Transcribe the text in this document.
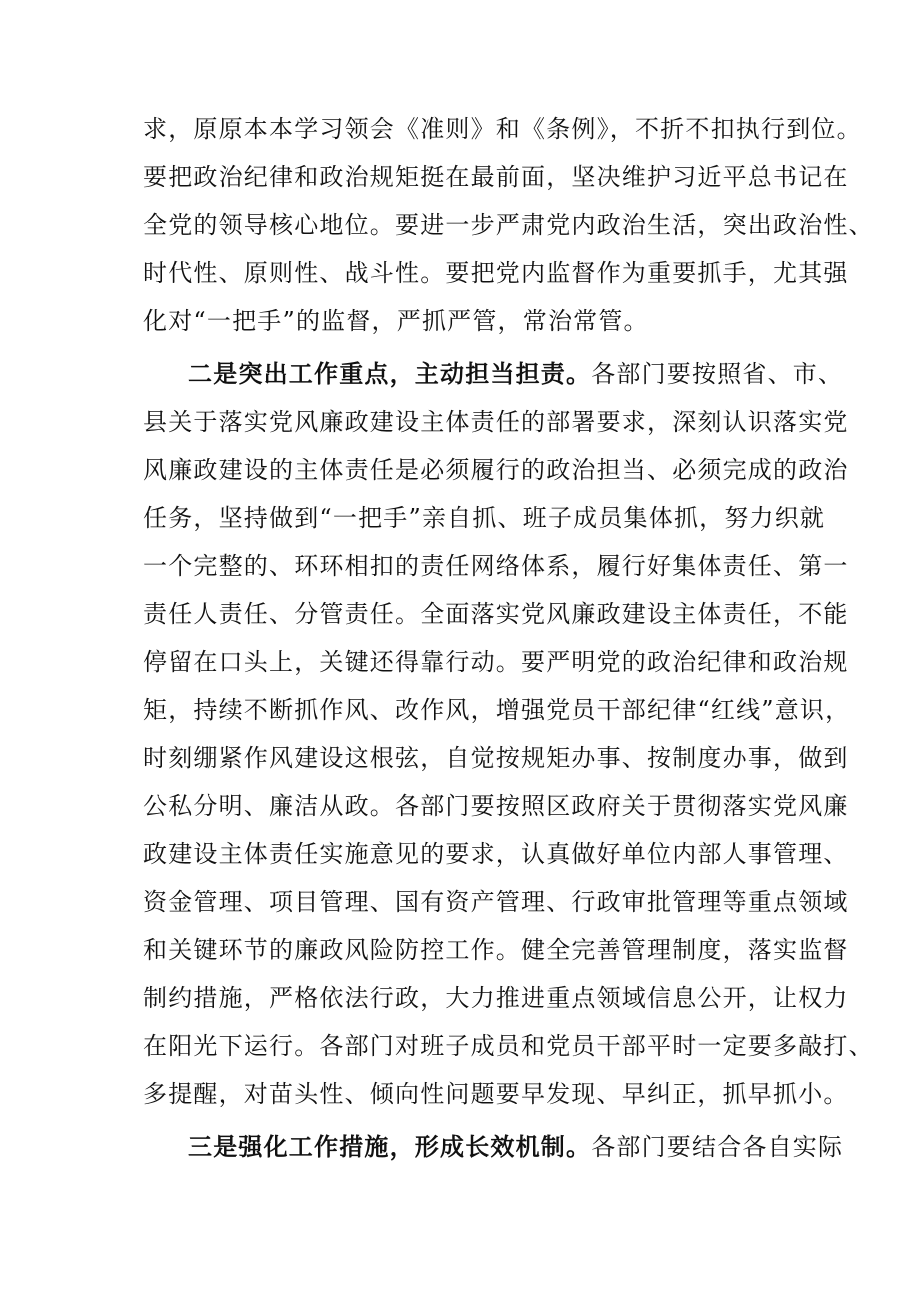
求，原原本本学习领会《准则》和《条例》，不折不扣执行到位。
要把政治纪律和政治规矩挺在最前面，坚决维护习近平总书记在
全党的领导核心地位。要进一步严肃党内政治生活，突出政治性、
时代性、原则性、战斗性。要把党内监督作为重要抓手，尤其强
化对“一把手”的监督，严抓严管，常治常管。
二是突出工作重点，主动担当担责。各部门要按照省、市、
县关于落实党风廉政建设主体责任的部署要求，深刻认识落实党
风廉政建设的主体责任是必须履行的政治担当、必须完成的政治
任务，坚持做到“一把手”亲自抓、班子成员集体抓，努力织就
一个完整的、环环相扣的责任网络体系，履行好集体责任、第一
责任人责任、分管责任。全面落实党风廉政建设主体责任，不能
停留在口头上，关键还得靠行动。要严明党的政治纪律和政治规
矩，持续不断抓作风、改作风，增强党员干部纪律“红线”意识，
时刻绷紧作风建设这根弦，自觉按规矩办事、按制度办事，做到
公私分明、廉洁从政。各部门要按照区政府关于贯彻落实党风廉
政建设主体责任实施意见的要求，认真做好单位内部人事管理、
资金管理、项目管理、国有资产管理、行政审批管理等重点领域
和关键环节的廉政风险防控工作。健全完善管理制度，落实监督
制约措施，严格依法行政，大力推进重点领域信息公开，让权力
在阳光下运行。各部门对班子成员和党员干部平时一定要多敲打、
多提醒，对苗头性、倾向性问题要早发现、早纠正，抓早抓小。
三是强化工作措施，形成长效机制。各部门要结合各自实际
